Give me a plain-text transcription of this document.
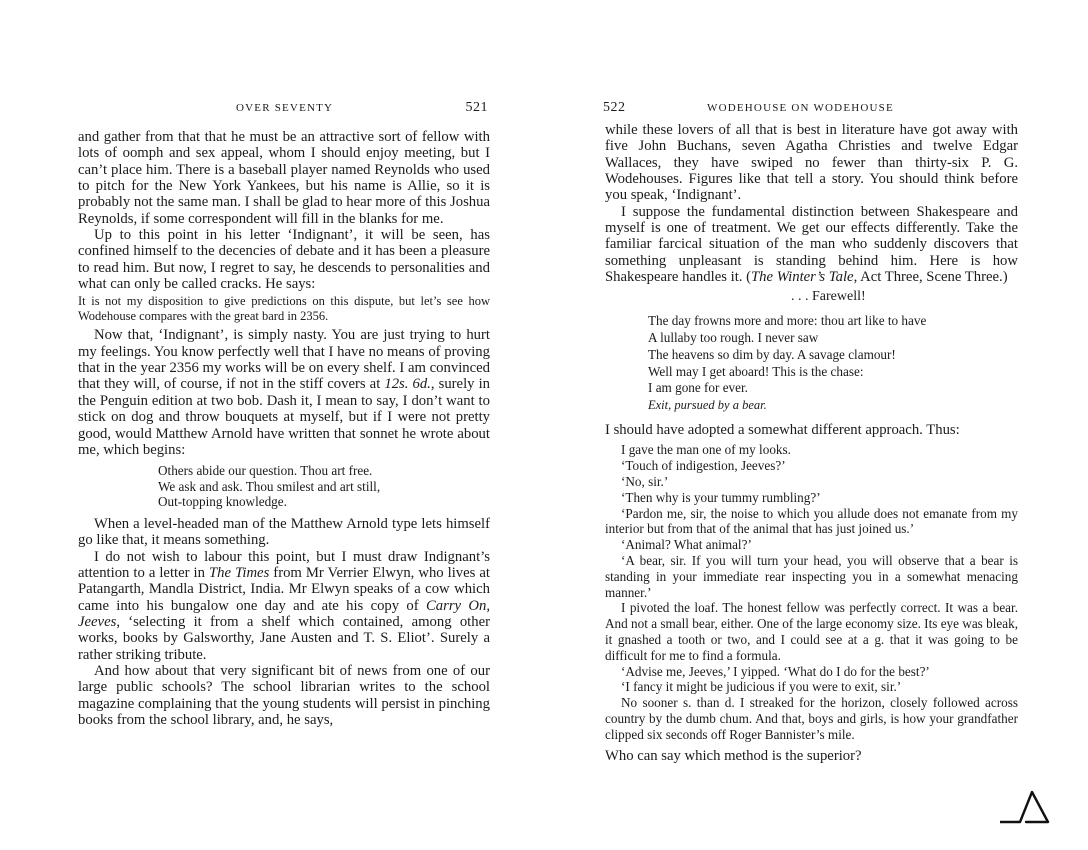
OVER SEVENTY	521

and gather from that that he must be an attractive sort of fellow with lots of oomph and sex appeal, whom I should enjoy meeting, but I can’t place him. There is a baseball player named Reynolds who used to pitch for the New York Yankees, but his name is Allie, so it is probably not the same man. I shall be glad to hear more of this Joshua Reynolds, if some correspondent will fill in the blanks for me.

Up to this point in his letter ‘Indignant’, it will be seen, has confined himself to the decencies of debate and it has been a pleasure to read him. But now, I regret to say, he descends to personalities and what can only be called cracks. He says:

It is not my disposition to give predictions on this dispute, but let’s see how Wodehouse compares with the great bard in 2356.

Now that, ‘Indignant’, is simply nasty. You are just trying to hurt my feelings. You know perfectly well that I have no means of proving that in the year 2356 my works will be on every shelf. I am convinced that they will, of course, if not in the stiff covers at 12s. 6d., surely in the Penguin edition at two bob. Dash it, I mean to say, I don’t want to stick on dog and throw bouquets at myself, but if I were not pretty good, would Matthew Arnold have written that sonnet he wrote about me, which begins:

Others abide our question. Thou art free.
We ask and ask. Thou smilest and art still,
Out-topping knowledge.

When a level-headed man of the Matthew Arnold type lets himself go like that, it means something.

I do not wish to labour this point, but I must draw Indignant’s attention to a letter in The Times from Mr Verrier Elwyn, who lives at Patangarth, Mandla District, India. Mr Elwyn speaks of a cow which came into his bungalow one day and ate his copy of Carry On, Jeeves, ‘selecting it from a shelf which contained, among other works, books by Galsworthy, Jane Austen and T. S. Eliot’. Surely a rather striking tribute.

And how about that very significant bit of news from one of our large public schools? The school librarian writes to the school magazine complaining that the young students will persist in pinching books from the school library, and, he says,

522	WODEHOUSE ON WODEHOUSE

while these lovers of all that is best in literature have got away with five John Buchans, seven Agatha Christies and twelve Edgar Wallaces, they have swiped no fewer than thirty-six P. G. Wodehouses. Figures like that tell a story. You should think before you speak, ‘Indignant’.

I suppose the fundamental distinction between Shakespeare and myself is one of treatment. We get our effects differently. Take the familiar farcical situation of the man who suddenly discovers that something unpleasant is standing behind him. Here is how Shakespeare handles it. (The Winter’s Tale, Act Three, Scene Three.)

. . . Farewell!
The day frowns more and more: thou art like to have
A lullaby too rough. I never saw
The heavens so dim by day. A savage clamour!
Well may I get aboard! This is the chase:
I am gone for ever.
Exit, pursued by a bear.

I should have adopted a somewhat different approach. Thus:

I gave the man one of my looks.

‘Touch of indigestion, Jeeves?’

‘No, sir.’

‘Then why is your tummy rumbling?’

‘Pardon me, sir, the noise to which you allude does not emanate from my interior but from that of the animal that has just joined us.’

‘Animal? What animal?’

‘A bear, sir. If you will turn your head, you will observe that a bear is standing in your immediate rear inspecting you in a somewhat menacing manner.’

I pivoted the loaf. The honest fellow was perfectly correct. It was a bear. And not a small bear, either. One of the large economy size. Its eye was bleak, it gnashed a tooth or two, and I could see at a g. that it was going to be difficult for me to find a formula.

‘Advise me, Jeeves,’ I yipped. ‘What do I do for the best?’

‘I fancy it might be judicious if you were to exit, sir.’

No sooner s. than d. I streaked for the horizon, closely followed across country by the dumb chum. And that, boys and girls, is how your grandfather clipped six seconds off Roger Bannister’s mile.

Who can say which method is the superior?
